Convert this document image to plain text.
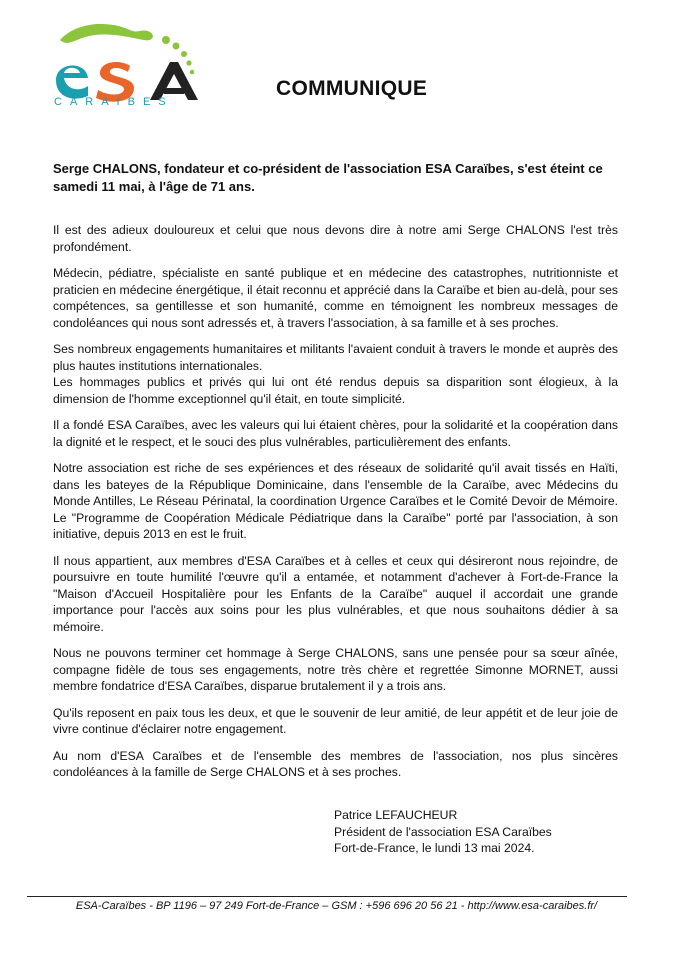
CARAIBES
COMMUNIQUE

Serge CHALONS, fondateur et co-président de l'association ESA Caraïbes, s'est éteint ce samedi 11 mai, à l'âge de 71 ans.

Il est des adieux douloureux et celui que nous devons dire à notre ami Serge CHALONS l'est très profondément.

Médecin, pédiatre, spécialiste en santé publique et en médecine des catastrophes, nutritionniste et praticien en médecine énergétique, il était reconnu et apprécié dans la Caraïbe et bien au-delà, pour ses compétences, sa gentillesse et son humanité, comme en témoignent les nombreux messages de condoléances qui nous sont adressés et, à travers l'association, à sa famille et à ses proches.

Ses nombreux engagements humanitaires et militants l'avaient conduit à travers le monde et auprès des plus hautes institutions internationales.
Les hommages publics et privés qui lui ont été rendus depuis sa disparition sont élogieux, à la dimension de l'homme exceptionnel qu'il était, en toute simplicité.

Il a fondé ESA Caraïbes, avec les valeurs qui lui étaient chères, pour la solidarité et la coopération dans la dignité et le respect, et le souci des plus vulnérables, particulièrement des enfants.

Notre association est riche de ses expériences et des réseaux de solidarité qu'il avait tissés en Haïti, dans les bateyes de la République Dominicaine, dans l'ensemble de la Caraïbe, avec Médecins du Monde Antilles, Le Réseau Périnatal, la coordination Urgence Caraïbes et le Comité Devoir de Mémoire. Le "Programme de Coopération Médicale Pédiatrique dans la Caraïbe" porté par l'association, à son initiative, depuis 2013 en est le fruit.

Il nous appartient, aux membres d'ESA Caraïbes et à celles et ceux qui désireront nous rejoindre, de poursuivre en toute humilité l'œuvre qu'il a entamée, et notamment d'achever à Fort-de-France la "Maison d'Accueil Hospitalière pour les Enfants de la Caraïbe" auquel il accordait une grande importance pour l'accès aux soins pour les plus vulnérables, et que nous souhaitons dédier à sa mémoire.

Nous ne pouvons terminer cet hommage à Serge CHALONS, sans une pensée pour sa sœur aînée, compagne fidèle de tous ses engagements, notre très chère et regrettée Simonne MORNET, aussi membre fondatrice d'ESA Caraïbes, disparue brutalement il y a trois ans.

Qu'ils reposent en paix tous les deux, et que le souvenir de leur amitié, de leur appétit et de leur joie de vivre continue d'éclairer notre engagement.

Au nom d'ESA Caraïbes et de l'ensemble des membres de l'association, nos plus sincères condoléances à la famille de Serge CHALONS et à ses proches.

Patrice LEFAUCHEUR
Président de l'association ESA Caraïbes
Fort-de-France, le lundi 13 mai 2024.
ESA-Caraïbes - BP 1196 – 97 249 Fort-de-France – GSM : +596 696 20 56 21 - http://www.esa-caraibes.fr/
